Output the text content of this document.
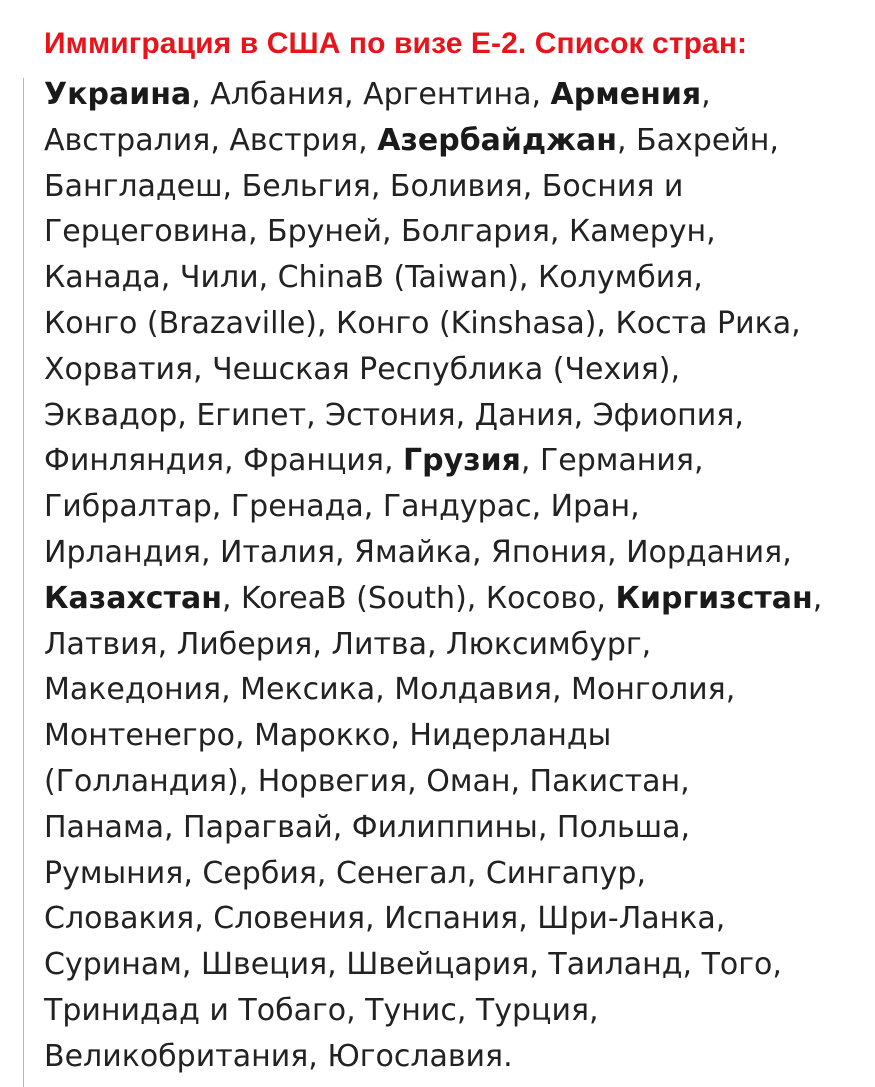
Иммиграция в США по визе Е-2. Список стран:
Украина, Албания, Аргентина, Армения,
Австралия, Австрия, Азербайджан, Бахрейн,
Бангладеш, Бельгия, Боливия, Босния и
Герцеговина, Бруней, Болгария, Камерун,
Канада, Чили, ChinaВ (Taiwan), Колумбия,
Конго (Brazaville), Конго (Kinshasa), Коста Рика,
Хорватия, Чешская Республика (Чехия),
Эквадор, Египет, Эстония, Дания, Эфиопия,
Финляндия, Франция, Грузия, Германия,
Гибралтар, Гренада, Гандурас, Иран,
Ирландия, Италия, Ямайка, Япония, Иордания,
Казахстан, KoreaВ (South), Косово, Киргизстан,
Латвия, Либерия, Литва, Люксимбург,
Македония, Мексика, Молдавия, Монголия,
Монтенегро, Марокко, Нидерланды
(Голландия), Норвегия, Оман, Пакистан,
Панама, Парагвай, Филиппины, Польша,
Румыния, Сербия, Сенегал, Сингапур,
Словакия, Словения, Испания, Шри-Ланка,
Суринам, Швеция, Швейцария, Таиланд, Того,
Тринидад и Тобаго, Тунис, Турция,
Великобритания, Югославия.
